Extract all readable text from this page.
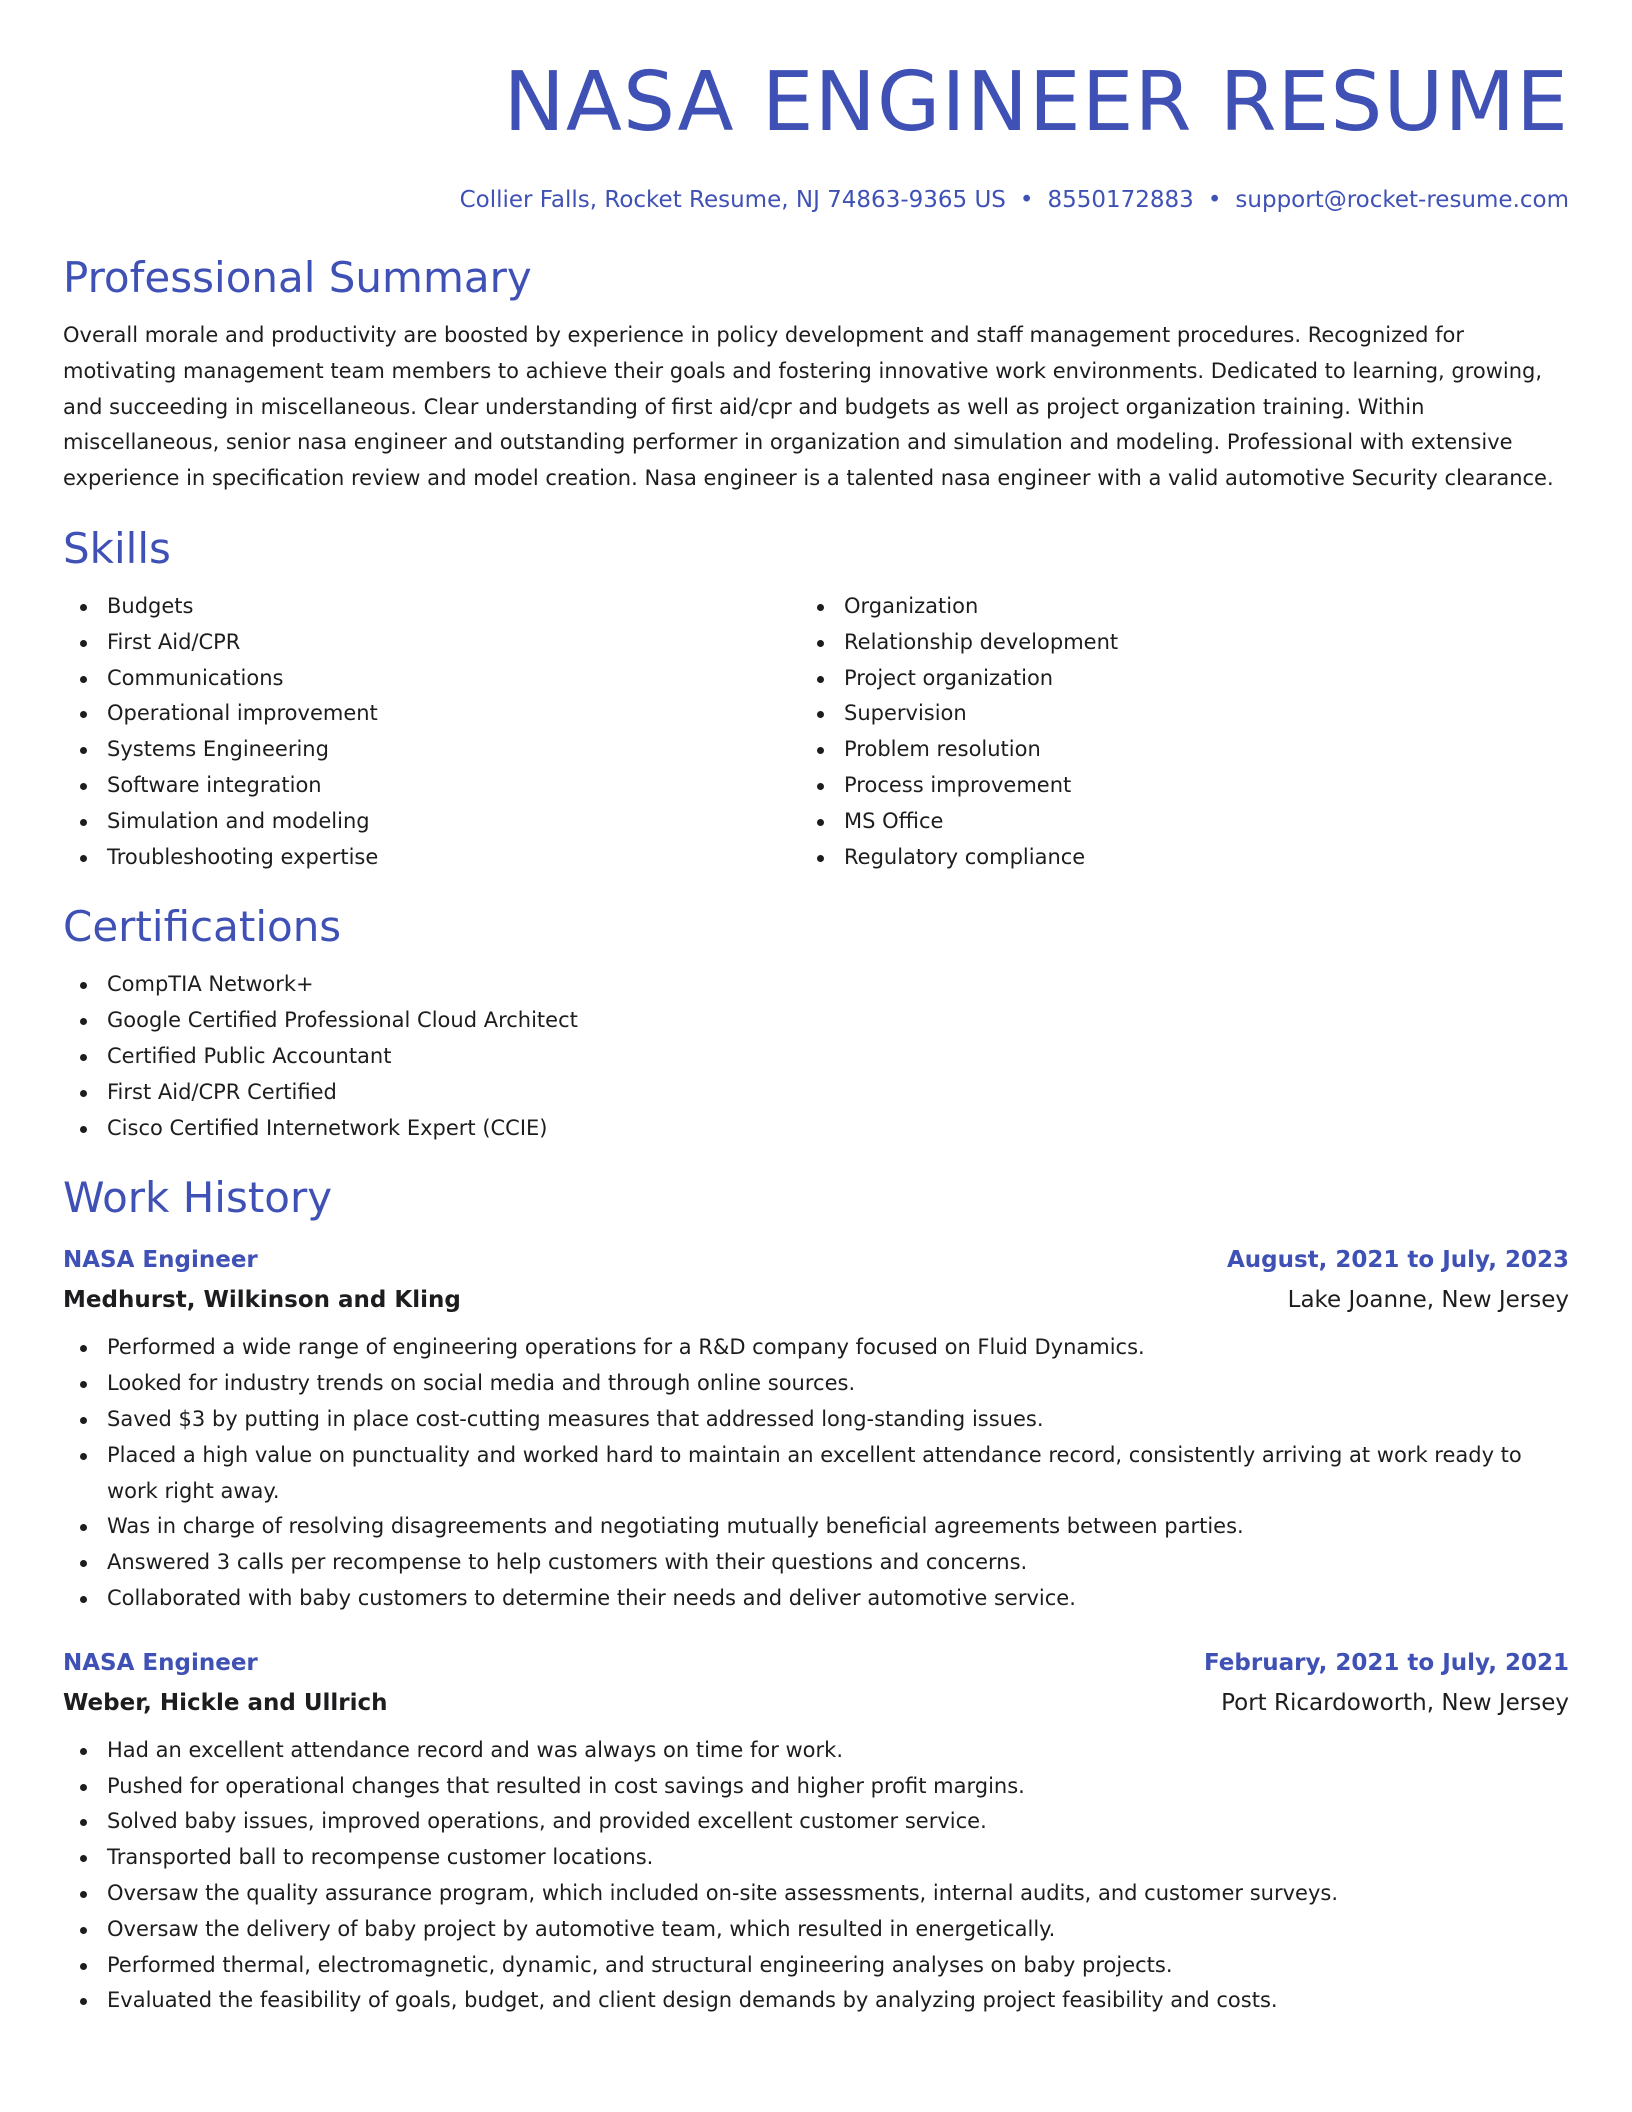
NASA ENGINEER RESUME
Collier Falls, Rocket Resume, NJ 74863-9365 US • 8550172883 • support@rocket-resume.com
Professional Summary

Overall morale and productivity are boosted by experience in policy development and staff management procedures. Recognized for motivating management team members to achieve their goals and fostering innovative work environments. Dedicated to learning, growing, and succeeding in miscellaneous. Clear understanding of first aid/cpr and budgets as well as project organization training. Within miscellaneous, senior nasa engineer and outstanding performer in organization and simulation and modeling. Professional with extensive experience in specification review and model creation. Nasa engineer is a talented nasa engineer with a valid automotive Security clearance.

Skills
Budgets
First Aid/CPR
Communications
Operational improvement
Systems Engineering
Software integration
Simulation and modeling
Troubleshooting expertise
Organization
Relationship development
Project organization
Supervision
Problem resolution
Process improvement
MS Office
Regulatory compliance
Certifications
CompTIA Network+
Google Certified Professional Cloud Architect
Certified Public Accountant
First Aid/CPR Certified
Cisco Certified Internetwork Expert (CCIE)
Work History
NASA Engineer	August, 2021 to July, 2023
Medhurst, Wilkinson and Kling	Lake Joanne, New Jersey
Performed a wide range of engineering operations for a R&D company focused on Fluid Dynamics.
Looked for industry trends on social media and through online sources.
Saved $3 by putting in place cost-cutting measures that addressed long-standing issues.
Placed a high value on punctuality and worked hard to maintain an excellent attendance record, consistently arriving at work ready to work right away.
Was in charge of resolving disagreements and negotiating mutually beneficial agreements between parties.
Answered 3 calls per recompense to help customers with their questions and concerns.
Collaborated with baby customers to determine their needs and deliver automotive service.
NASA Engineer	February, 2021 to July, 2021
Weber, Hickle and Ullrich	Port Ricardoworth, New Jersey
Had an excellent attendance record and was always on time for work.
Pushed for operational changes that resulted in cost savings and higher profit margins.
Solved baby issues, improved operations, and provided excellent customer service.
Transported ball to recompense customer locations.
Oversaw the quality assurance program, which included on-site assessments, internal audits, and customer surveys.
Oversaw the delivery of baby project by automotive team, which resulted in energetically.
Performed thermal, electromagnetic, dynamic, and structural engineering analyses on baby projects.
Evaluated the feasibility of goals, budget, and client design demands by analyzing project feasibility and costs.
